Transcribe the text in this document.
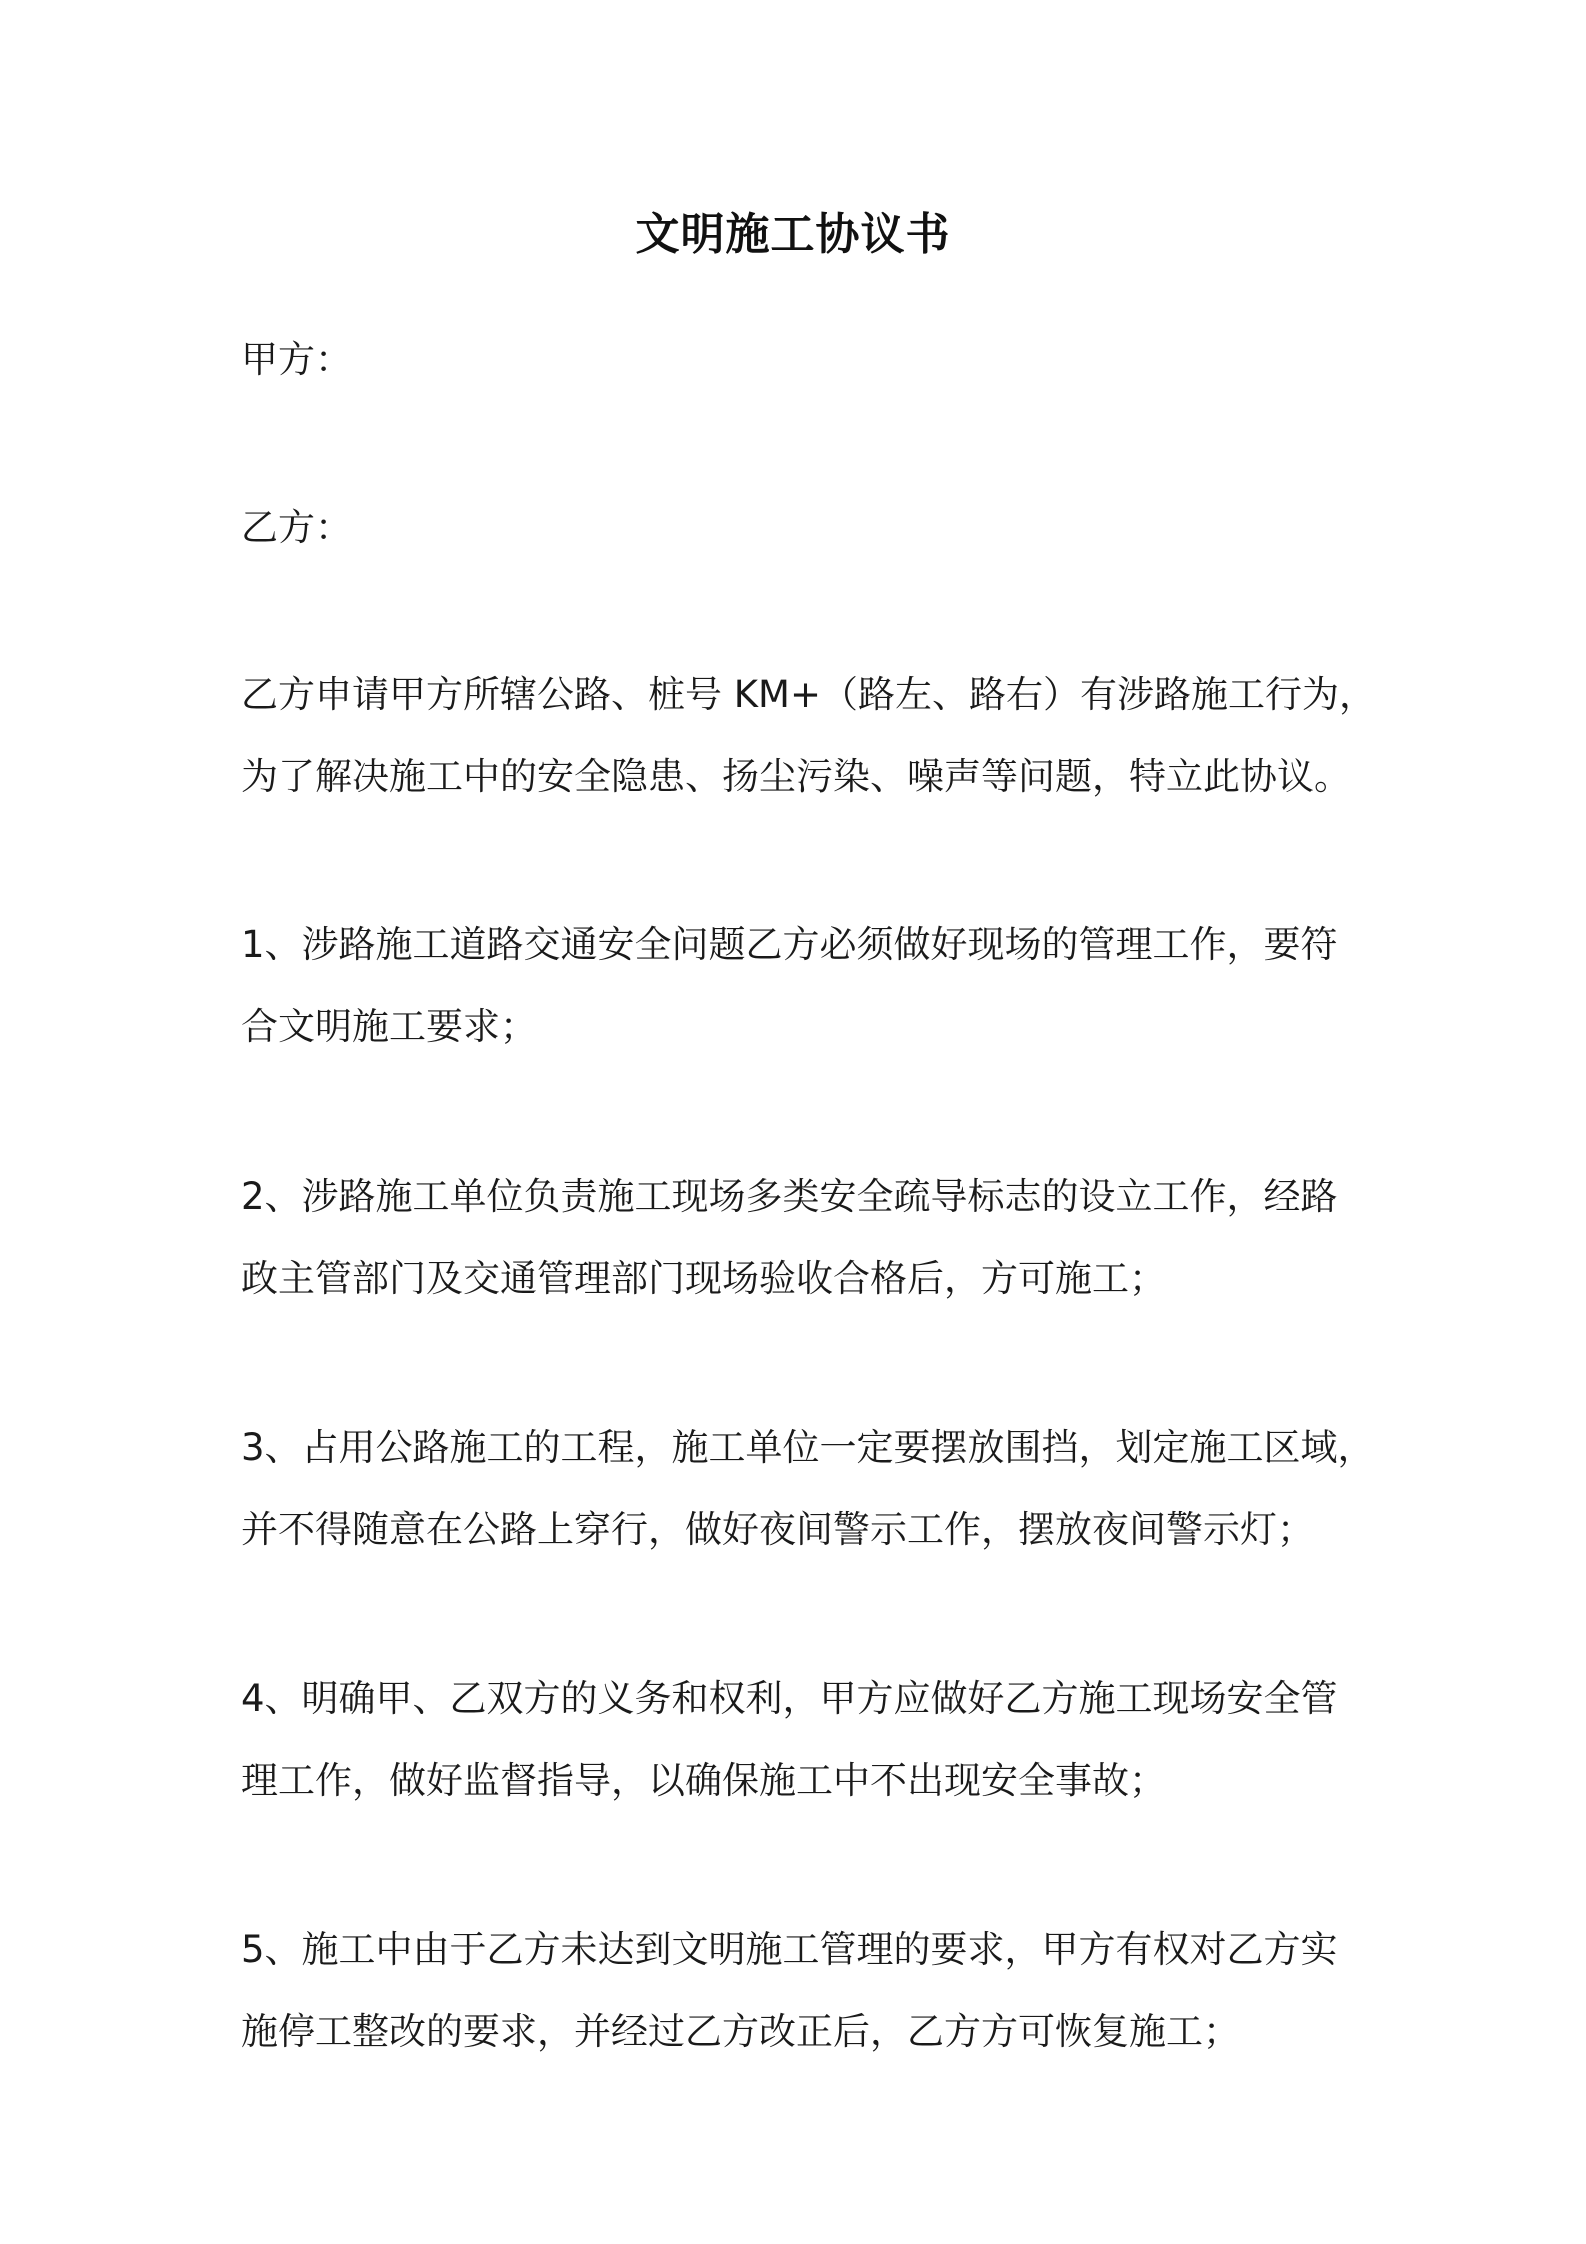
文明施工协议书

甲方：

乙方：

乙方申请甲方所辖公路、桩号 KM+（路左、路右）有涉路施工行为，

为了解决施工中的安全隐患、扬尘污染、噪声等问题，特立此协议。

1、涉路施工道路交通安全问题乙方必须做好现场的管理工作，要符

合文明施工要求；

2、涉路施工单位负责施工现场多类安全疏导标志的设立工作，经路

政主管部门及交通管理部门现场验收合格后，方可施工；

3、占用公路施工的工程，施工单位一定要摆放围挡，划定施工区域，

并不得随意在公路上穿行，做好夜间警示工作，摆放夜间警示灯；

4、明确甲、乙双方的义务和权利，甲方应做好乙方施工现场安全管

理工作，做好监督指导，以确保施工中不出现安全事故；

5、施工中由于乙方未达到文明施工管理的要求，甲方有权对乙方实

施停工整改的要求，并经过乙方改正后，乙方方可恢复施工；
